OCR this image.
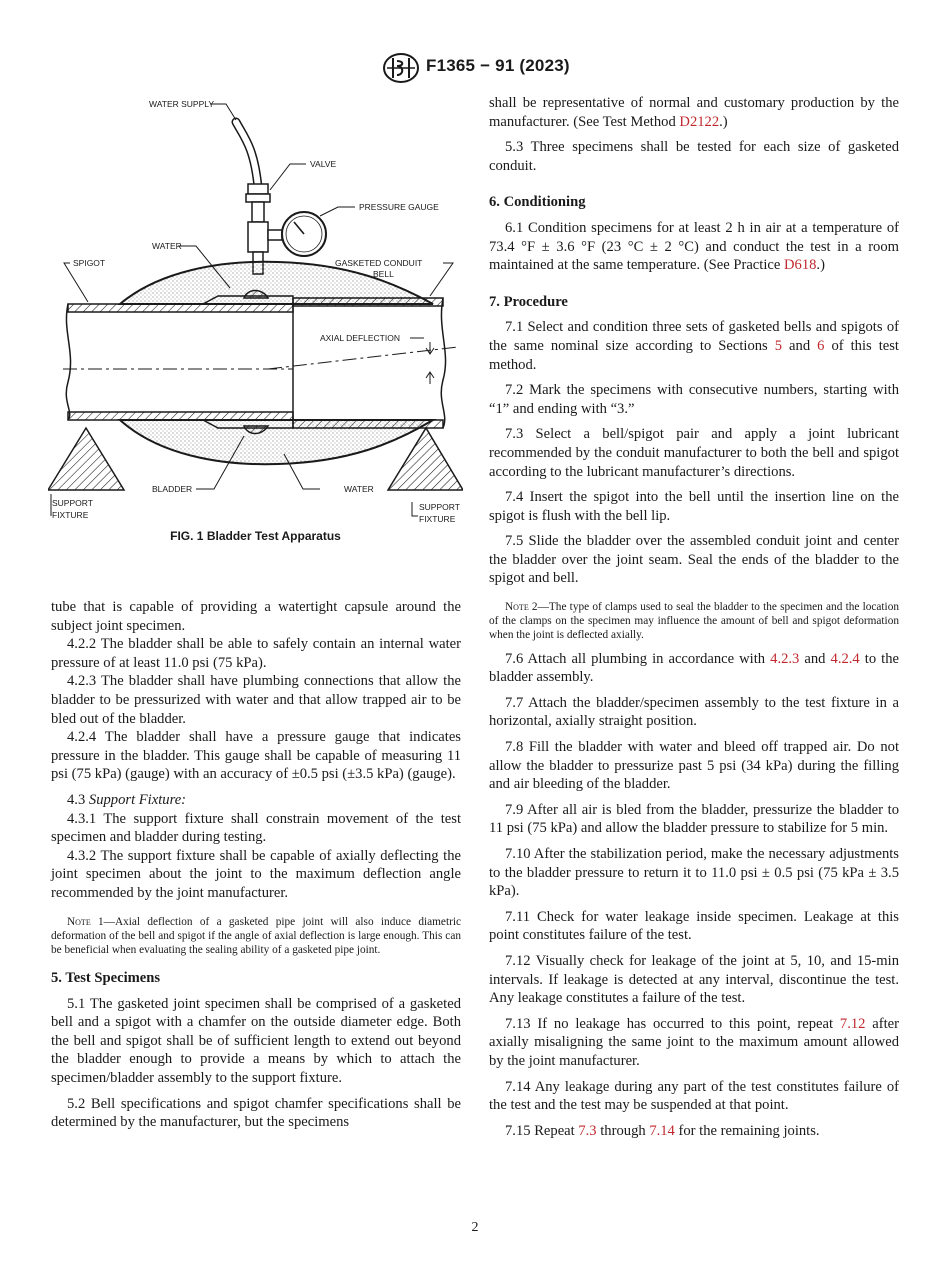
F1365 − 91 (2023)
WATER SUPPLY
VALVE
PRESSURE GAUGE
WATER
SPIGOT	GASKETED CONDUIT
BELL
AXIAL DEFLECTION
BLADDER	WATER
SUPPORT
FIXTURE
SUPPORT
FIXTURE
FIG. 1 Bladder Test Apparatus

tube that is capable of providing a watertight capsule around the subject joint specimen.

4.2.2 The bladder shall be able to safely contain an internal water pressure of at least 11.0 psi (75 kPa).

4.2.3 The bladder shall have plumbing connections that allow the bladder to be pressurized with water and that allow trapped air to be bled out of the bladder.

4.2.4 The bladder shall have a pressure gauge that indicates pressure in the bladder. This gauge shall be capable of measuring 11 psi (75 kPa) (gauge) with an accuracy of ±0.5 psi (±3.5 kPa) (gauge).

4.3 Support Fixture:

4.3.1 The support fixture shall constrain movement of the test specimen and bladder during testing.

4.3.2 The support fixture shall be capable of axially deflecting the joint specimen about the joint to the maximum deflection angle recommended by the joint manufacturer.

Note 1—Axial deflection of a gasketed pipe joint will also induce diametric deformation of the bell and spigot if the angle of axial deflection is large enough. This can be beneficial when evaluating the sealing ability of a gasketed pipe joint.

5. Test Specimens

5.1 The gasketed joint specimen shall be comprised of a gasketed bell and a spigot with a chamfer on the outside diameter edge. Both the bell and spigot shall be of sufficient length to extend out beyond the bladder enough to provide a means by which to attach the specimen/bladder assembly to the support fixture.

5.2 Bell specifications and spigot chamfer specifications shall be determined by the manufacturer, but the specimens

shall be representative of normal and customary production by the manufacturer. (See Test Method D2122.)

5.3 Three specimens shall be tested for each size of gasketed conduit.

6. Conditioning

6.1 Condition specimens for at least 2 h in air at a temperature of 73.4 °F ± 3.6 °F (23 °C ± 2 °C) and conduct the test in a room maintained at the same temperature. (See Practice D618.)

7. Procedure

7.1 Select and condition three sets of gasketed bells and spigots of the same nominal size according to Sections 5 and 6 of this test method.

7.2 Mark the specimens with consecutive numbers, starting with “1” and ending with “3.”

7.3 Select a bell/spigot pair and apply a joint lubricant recommended by the conduit manufacturer to both the bell and spigot according to the lubricant manufacturer’s directions.

7.4 Insert the spigot into the bell until the insertion line on the spigot is flush with the bell lip.

7.5 Slide the bladder over the assembled conduit joint and center the bladder over the joint seam. Seal the ends of the bladder to the spigot and bell.

Note 2—The type of clamps used to seal the bladder to the specimen and the location of the clamps on the specimen may influence the amount of bell and spigot deformation when the joint is deflected axially.

7.6 Attach all plumbing in accordance with 4.2.3 and 4.2.4 to the bladder assembly.

7.7 Attach the bladder/specimen assembly to the test fixture in a horizontal, axially straight position.

7.8 Fill the bladder with water and bleed off trapped air. Do not allow the bladder to pressurize past 5 psi (34 kPa) during the filling and air bleeding of the bladder.

7.9 After all air is bled from the bladder, pressurize the bladder to 11 psi (75 kPa) and allow the bladder pressure to stabilize for 5 min.

7.10 After the stabilization period, make the necessary adjustments to the bladder pressure to return it to 11.0 psi ± 0.5 psi (75 kPa ± 3.5 kPa).

7.11 Check for water leakage inside specimen. Leakage at this point constitutes failure of the test.

7.12 Visually check for leakage of the joint at 5, 10, and 15-min intervals. If leakage is detected at any interval, discontinue the test. Any leakage constitutes a failure of the test.

7.13 If no leakage has occurred to this point, repeat 7.12 after axially misaligning the same joint to the maximum amount allowed by the joint manufacturer.

7.14 Any leakage during any part of the test constitutes failure of the test and the test may be suspended at that point.

7.15 Repeat 7.3 through 7.14 for the remaining joints.

2
